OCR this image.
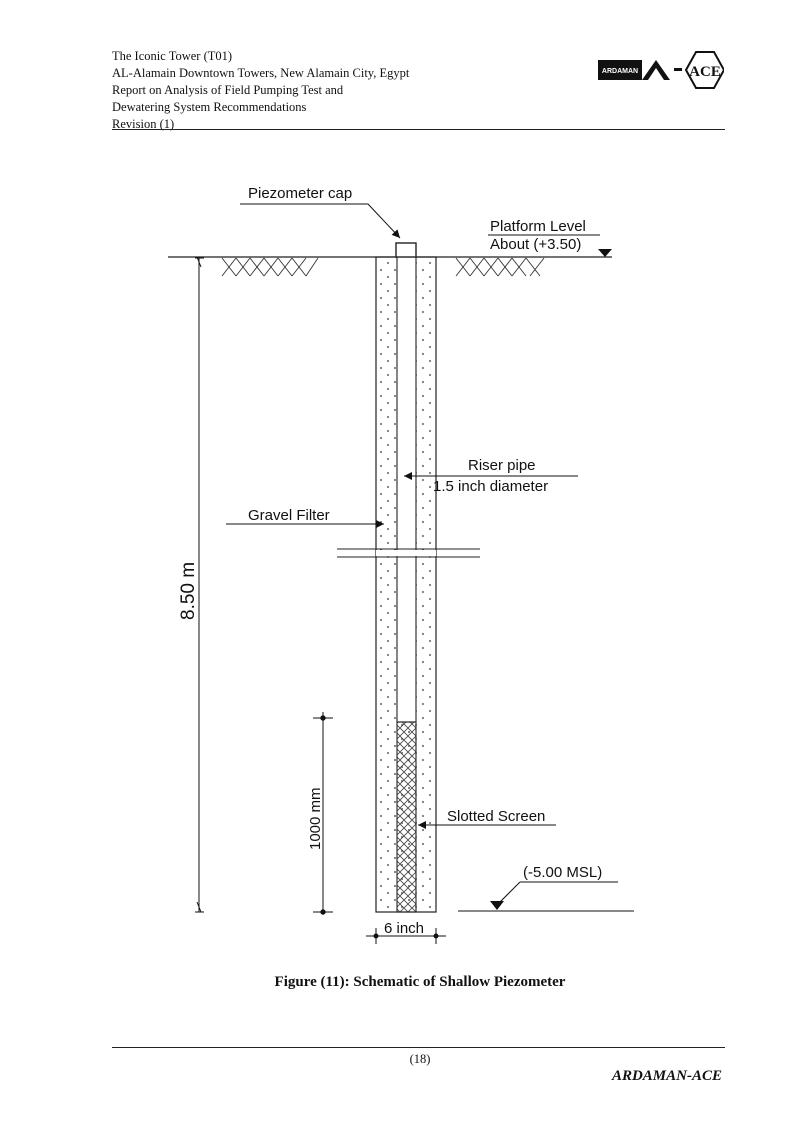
The Iconic Tower (T01)
AL-Alamain Downtown Towers, New Alamain City, Egypt
Report on Analysis of Field Pumping Test and
Dewatering System Recommendations
Revision (1)
ARDAMAN	ACE
Piezometer cap
Platform Level
About (+3.50)
Riser pipe
1.5 inch diameter
Gravel Filter
8.50 m
1000 mm	Slotted Screen
(-5.00 MSL)
6 inch
Figure (11): Schematic of Shallow Piezometer
(18)
ARDAMAN-ACE
